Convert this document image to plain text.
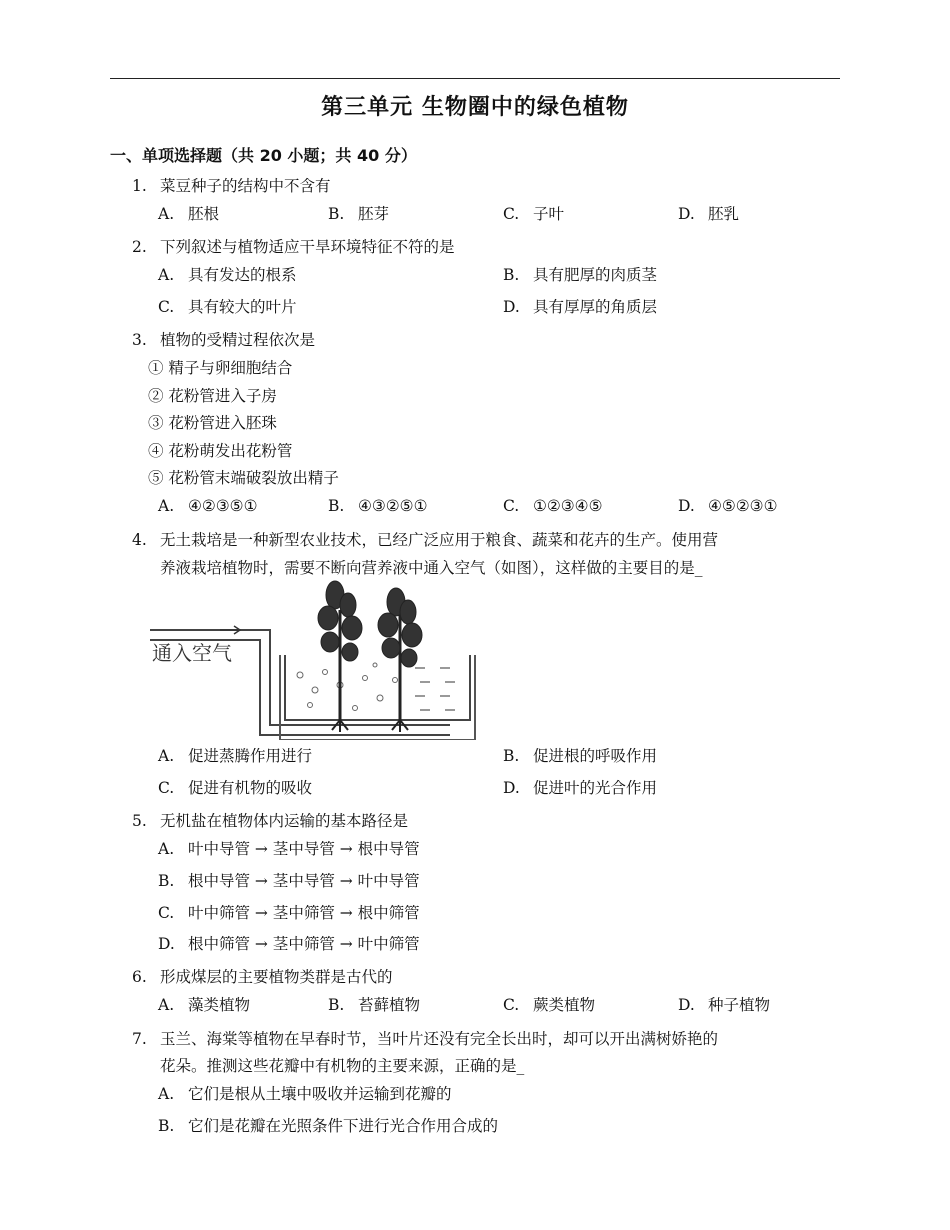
第三单元 生物圈中的绿色植物
一、单项选择题（共 20 小题；共 40 分）
1. 菜豆种子的结构中不含有
A. 胚根	B. 胚芽	C. 子叶	D. 胚乳
2. 下列叙述与植物适应干旱环境特征不符的是
A. 具有发达的根系	B. 具有肥厚的肉质茎
C. 具有较大的叶片	D. 具有厚厚的角质层
3. 植物的受精过程依次是
① 精子与卵细胞结合
② 花粉管进入子房
③ 花粉管进入胚珠
④ 花粉萌发出花粉管
⑤ 花粉管末端破裂放出精子
A. ④②③⑤①	B. ④③②⑤①	C. ①②③④⑤	D. ④⑤②③①
4. 无土栽培是一种新型农业技术，已经广泛应用于粮食、蔬菜和花卉的生产。使用营
养液栽培植物时，需要不断向营养液中通入空气（如图），这样做的主要目的是_
通入空气
A. 促进蒸腾作用进行	B. 促进根的呼吸作用
C. 促进有机物的吸收	D. 促进叶的光合作用
5. 无机盐在植物体内运输的基本路径是
A. 叶中导管 → 茎中导管 → 根中导管
B. 根中导管 → 茎中导管 → 叶中导管
C. 叶中筛管 → 茎中筛管 → 根中筛管
D. 根中筛管 → 茎中筛管 → 叶中筛管
6. 形成煤层的主要植物类群是古代的
A. 藻类植物	B. 苔藓植物	C. 蕨类植物	D. 种子植物
7. 玉兰、海棠等植物在早春时节，当叶片还没有完全长出时，却可以开出满树娇艳的
花朵。推测这些花瓣中有机物的主要来源，正确的是_
A. 它们是根从土壤中吸收并运输到花瓣的
B. 它们是花瓣在光照条件下进行光合作用合成的
